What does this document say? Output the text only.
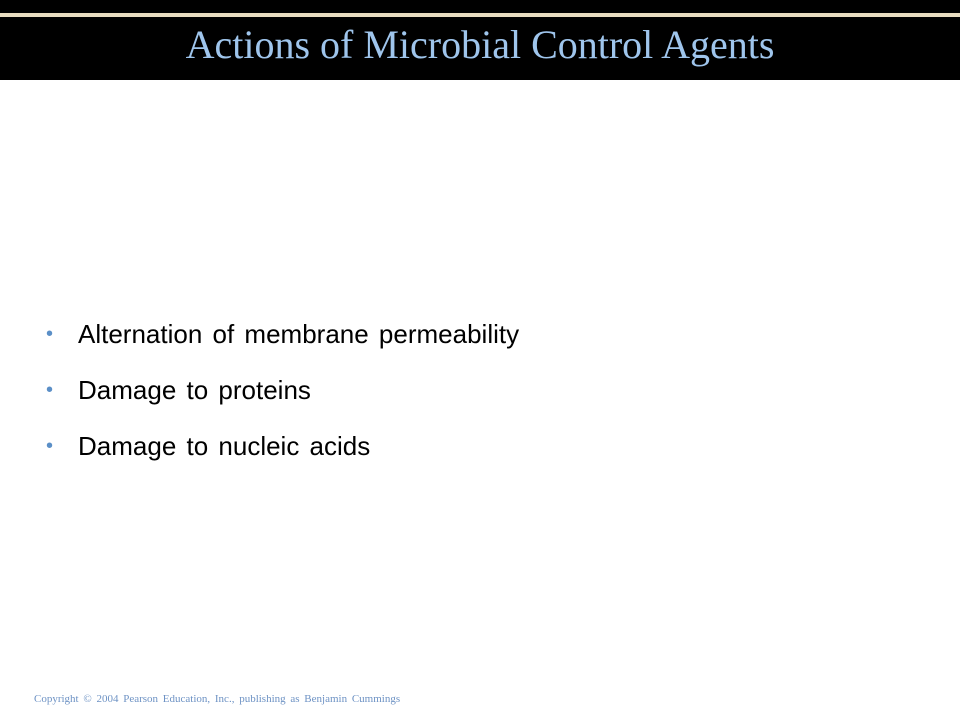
Actions of Microbial Control Agents
• Alternation of membrane permeability
• Damage to proteins
• Damage to nucleic acids
Copyright © 2004 Pearson Education, Inc., publishing as Benjamin Cummings
